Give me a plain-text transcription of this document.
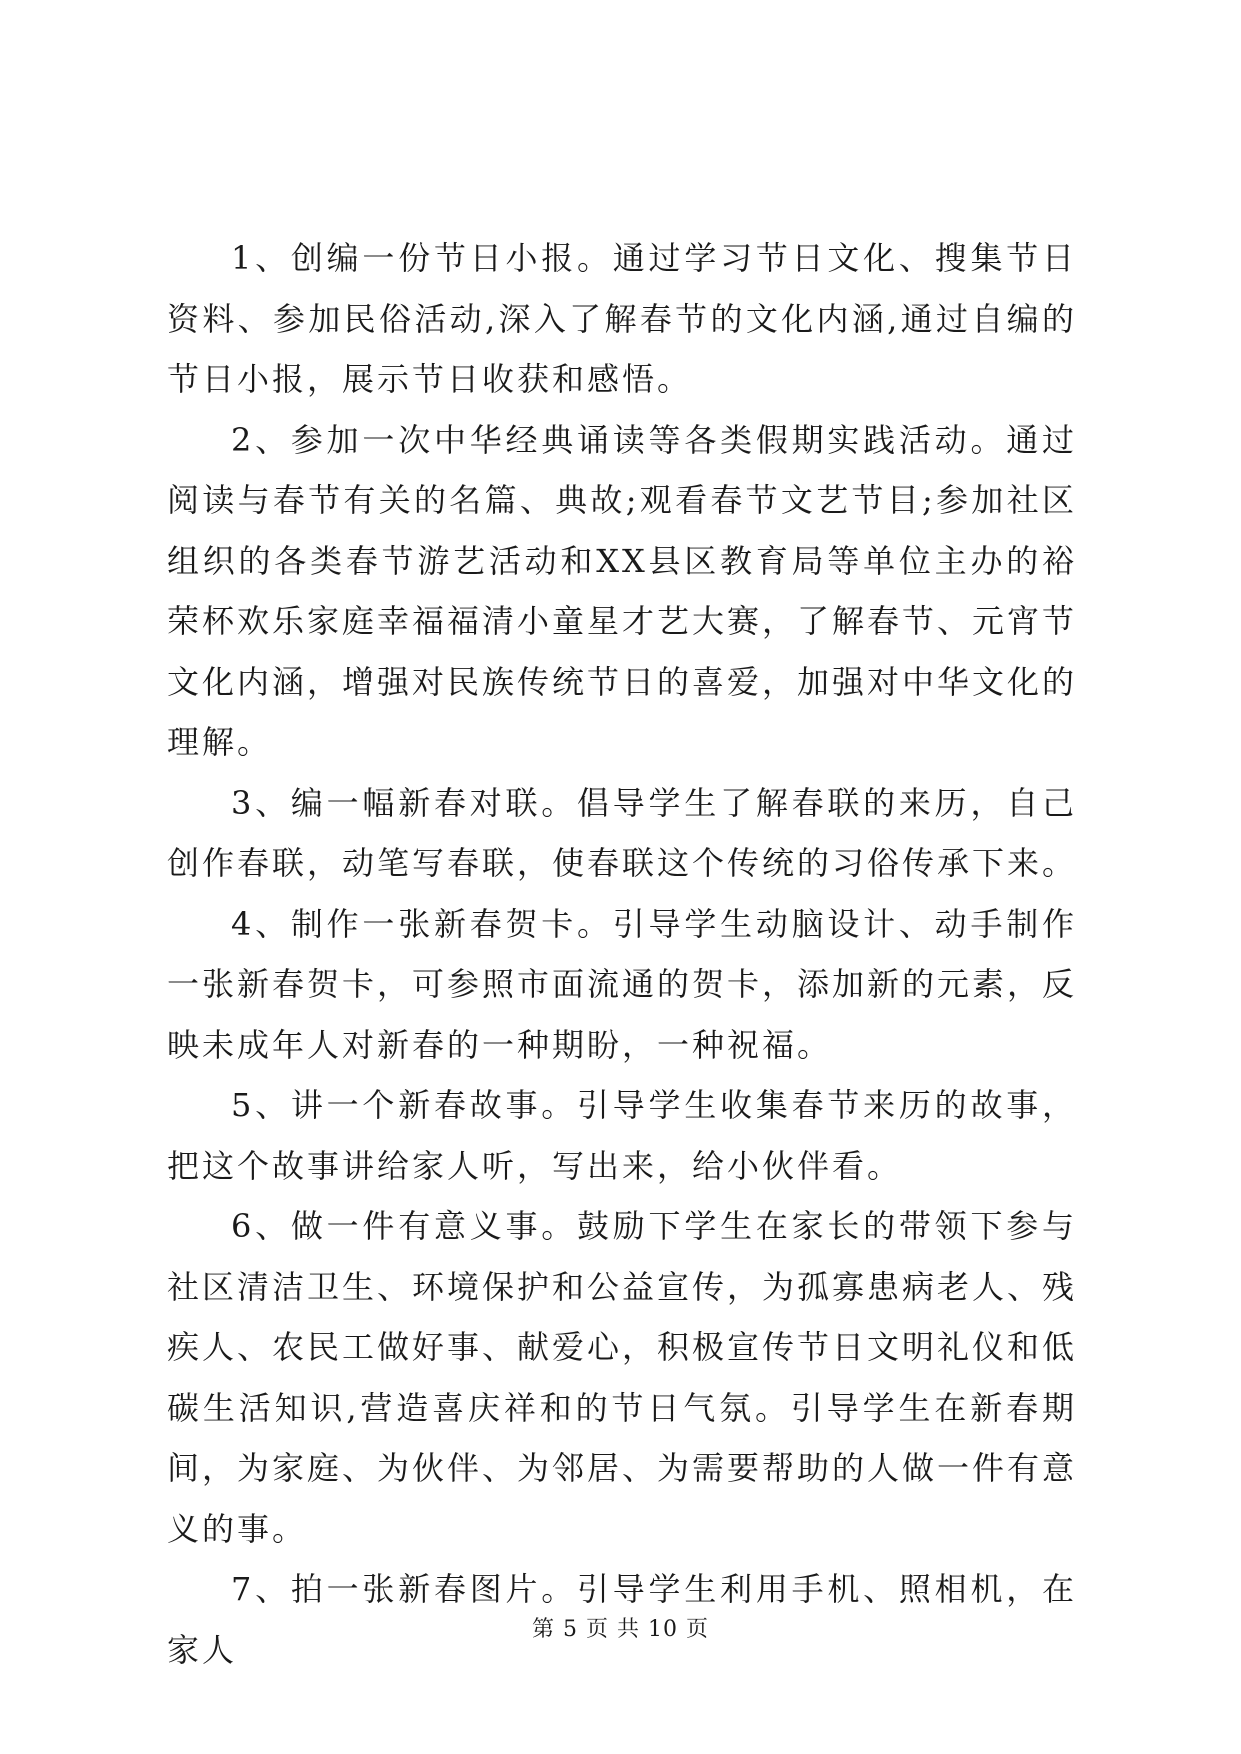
1、创编一份节日小报。通过学习节日文化、搜集节日资料、参加民俗活动,深入了解春节的文化内涵,通过自编的节日小报，展示节日收获和感悟。

2、参加一次中华经典诵读等各类假期实践活动。通过阅读与春节有关的名篇、典故;观看春节文艺节目;参加社区组织的各类春节游艺活动和XX县区教育局等单位主办的裕荣杯欢乐家庭幸福福清小童星才艺大赛，了解春节、元宵节文化内涵，增强对民族传统节日的喜爱，加强对中华文化的理解。

3、编一幅新春对联。倡导学生了解春联的来历，自己创作春联，动笔写春联，使春联这个传统的习俗传承下来。

4、制作一张新春贺卡。引导学生动脑设计、动手制作一张新春贺卡，可参照市面流通的贺卡，添加新的元素，反映未成年人对新春的一种期盼，一种祝福。

5、讲一个新春故事。引导学生收集春节来历的故事，把这个故事讲给家人听，写出来，给小伙伴看。

6、做一件有意义事。鼓励下学生在家长的带领下参与社区清洁卫生、环境保护和公益宣传，为孤寡患病老人、残疾人、农民工做好事、献爱心，积极宣传节日文明礼仪和低碳生活知识,营造喜庆祥和的节日气氛。引导学生在新春期间，为家庭、为伙伴、为邻居、为需要帮助的人做一件有意义的事。

7、拍一张新春图片。引导学生利用手机、照相机，在家人

第 5 页 共 10 页
